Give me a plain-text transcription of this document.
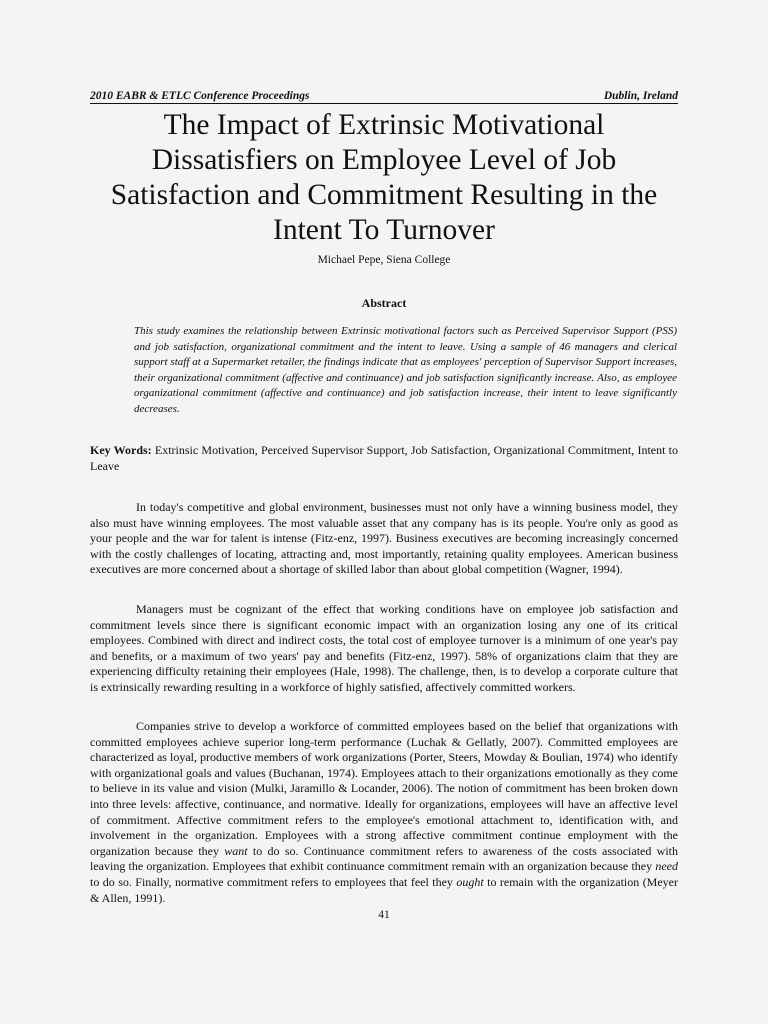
2010 EABR & ETLC Conference Proceedings	Dublin, Ireland
The Impact of Extrinsic Motivational Dissatisfiers on Employee Level of Job Satisfaction and Commitment Resulting in the Intent To Turnover
Michael Pepe, Siena College
Abstract

This study examines the relationship between Extrinsic motivational factors such as Perceived Supervisor Support (PSS) and job satisfaction, organizational commitment and the intent to leave. Using a sample of 46 managers and clerical support staff at a Supermarket retailer, the findings indicate that as employees' perception of Supervisor Support increases, their organizational commitment (affective and continuance) and job satisfaction significantly increase. Also, as employee organizational commitment (affective and continuance) and job satisfaction increase, their intent to leave significantly decreases.

Key Words: Extrinsic Motivation, Perceived Supervisor Support, Job Satisfaction, Organizational Commitment, Intent to Leave

In today's competitive and global environment, businesses must not only have a winning business model, they also must have winning employees. The most valuable asset that any company has is its people. You're only as good as your people and the war for talent is intense (Fitz-enz, 1997). Business executives are becoming increasingly concerned with the costly challenges of locating, attracting and, most importantly, retaining quality employees. American business executives are more concerned about a shortage of skilled labor than about global competition (Wagner, 1994).

Managers must be cognizant of the effect that working conditions have on employee job satisfaction and commitment levels since there is significant economic impact with an organization losing any one of its critical employees. Combined with direct and indirect costs, the total cost of employee turnover is a minimum of one year's pay and benefits, or a maximum of two years' pay and benefits (Fitz-enz, 1997). 58% of organizations claim that they are experiencing difficulty retaining their employees (Hale, 1998). The challenge, then, is to develop a corporate culture that is extrinsically rewarding resulting in a workforce of highly satisfied, affectively committed workers.

Companies strive to develop a workforce of committed employees based on the belief that organizations with committed employees achieve superior long-term performance (Luchak & Gellatly, 2007). Committed employees are characterized as loyal, productive members of work organizations (Porter, Steers, Mowday & Boulian, 1974) who identify with organizational goals and values (Buchanan, 1974). Employees attach to their organizations emotionally as they come to believe in its value and vision (Mulki, Jaramillo & Locander, 2006). The notion of commitment has been broken down into three levels: affective, continuance, and normative. Ideally for organizations, employees will have an affective level of commitment. Affective commitment refers to the employee's emotional attachment to, identification with, and involvement in the organization. Employees with a strong affective commitment continue employment with the organization because they want to do so. Continuance commitment refers to awareness of the costs associated with leaving the organization. Employees that exhibit continuance commitment remain with an organization because they need to do so. Finally, normative commitment refers to employees that feel they ought to remain with the organization (Meyer & Allen, 1991).

41
